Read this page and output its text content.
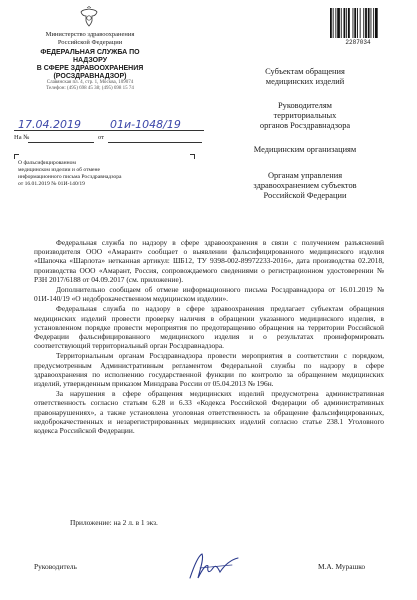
2287034
Министерство здравоохранения
Российской Федерации
ФЕДЕРАЛЬНАЯ СЛУЖБА ПО НАДЗОРУ
В СФЕРЕ ЗДРАВООХРАНЕНИЯ
(РОСЗДРАВНАДЗОР)
Славянская пл. 4, стр. 1, Москва, 109074
Телефон: (495) 698 45 38; (495) 698 15 74
17.04.2019	01и-1048/19
На №	от
О фальсифицированном
медицинском изделии и об отмене
информационного письма Росздравнадзора
от 16.01.2019 № 01И-140/19
Субъектам обращения
медицинских изделий
Руководителям
территориальных
органов Росздравнадзора
Медицинским организациям
Органам управления
здравоохранением субъектов
Российской Федерации

Федеральная служба по надзору в сфере здравоохранения в связи с получением разъяснений производителя ООО «Амарант» сообщает о выявлении фальсифицированного медицинского изделия «Шапочка «Шарлота» нетканная артикул: ШБ12, ТУ 9398-002-89972233-2016», дата производства 02.2018, производства ООО «Амарант, Россия, сопровождаемого сведениями о регистрационном удостоверении № РЗН 2017/6188 от 04.09.2017 (см. приложение).

Дополнительно сообщаем об отмене информационного письма Росздравнадзора от 16.01.2019 № 01И-140/19 «О недоброкачественном медицинском изделии».

Федеральная служба по надзору в сфере здравоохранения предлагает субъектам обращения медицинских изделий провести проверку наличия в обращении указанного медицинского изделия, в установленном порядке провести мероприятия по предотвращению обращения на территории Российской Федерации фальсифицированного медицинского изделия и о результатах проинформировать соответствующий территориальный орган Росздравнадзора.

Территориальным органам Росздравнадзора провести мероприятия в соответствии с порядком, предусмотренным Административным регламентом Федеральной службы по надзору в сфере здравоохранения по исполнению государственной функции по контролю за обращением медицинских изделий, утвержденным приказом Минздрава России от 05.04.2013 № 196н.

За нарушения в сфере обращения медицинских изделий предусмотрена административная ответственность согласно статьям 6.28 и 6.33 «Кодекса Российской Федерации об административных правонарушениях», а также установлена уголовная ответственность за обращение фальсифицированных, недоброкачественных и незарегистрированных медицинских изделий согласно статье 238.1 Уголовного кодекса Российской Федерации.

Приложение: на 2 л. в 1 экз.
Руководитель	М.А. Мурашко
